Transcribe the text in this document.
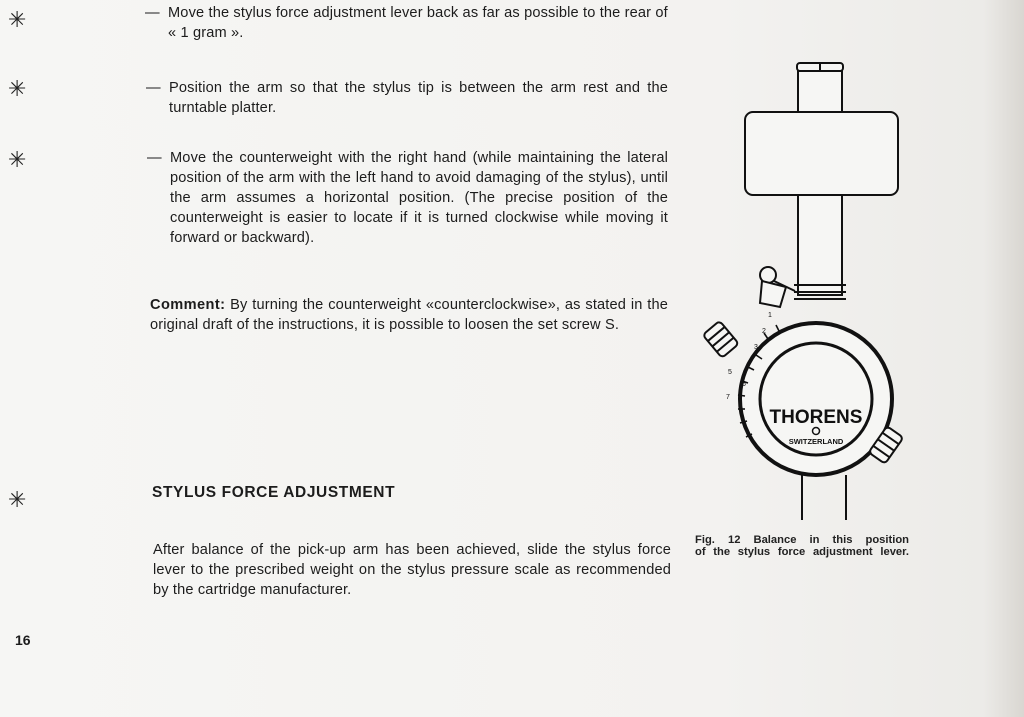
✳	— Move the stylus force adjustment lever back as far as possible to the rear of « 1 gram ».
✳	— Position the arm so that the stylus tip is between the arm rest and the turntable platter.
✳	— Move the counterweight with the right hand (while maintaining the lateral position of the arm with the left hand to avoid damaging of the stylus), until the arm assumes a horizontal position. (The precise position of the counterweight is easier to locate if it is turned clockwise while moving it forward or backward).
Comment: By turning the counterweight «counterclockwise», as stated in the original draft of the instructions, it is possible to loosen the set screw S.
✳	STYLUS FORCE ADJUSTMENT
After balance of the pick-up arm has been achieved, slide the stylus force lever to the prescribed weight on the stylus pressure scale as recommended by the cartridge manufacturer.
1
2
3
4
5
6
7
THORENS
SWITZERLAND
Fig. 12 Balance in this position
of the stylus force adjustment lever.
16
